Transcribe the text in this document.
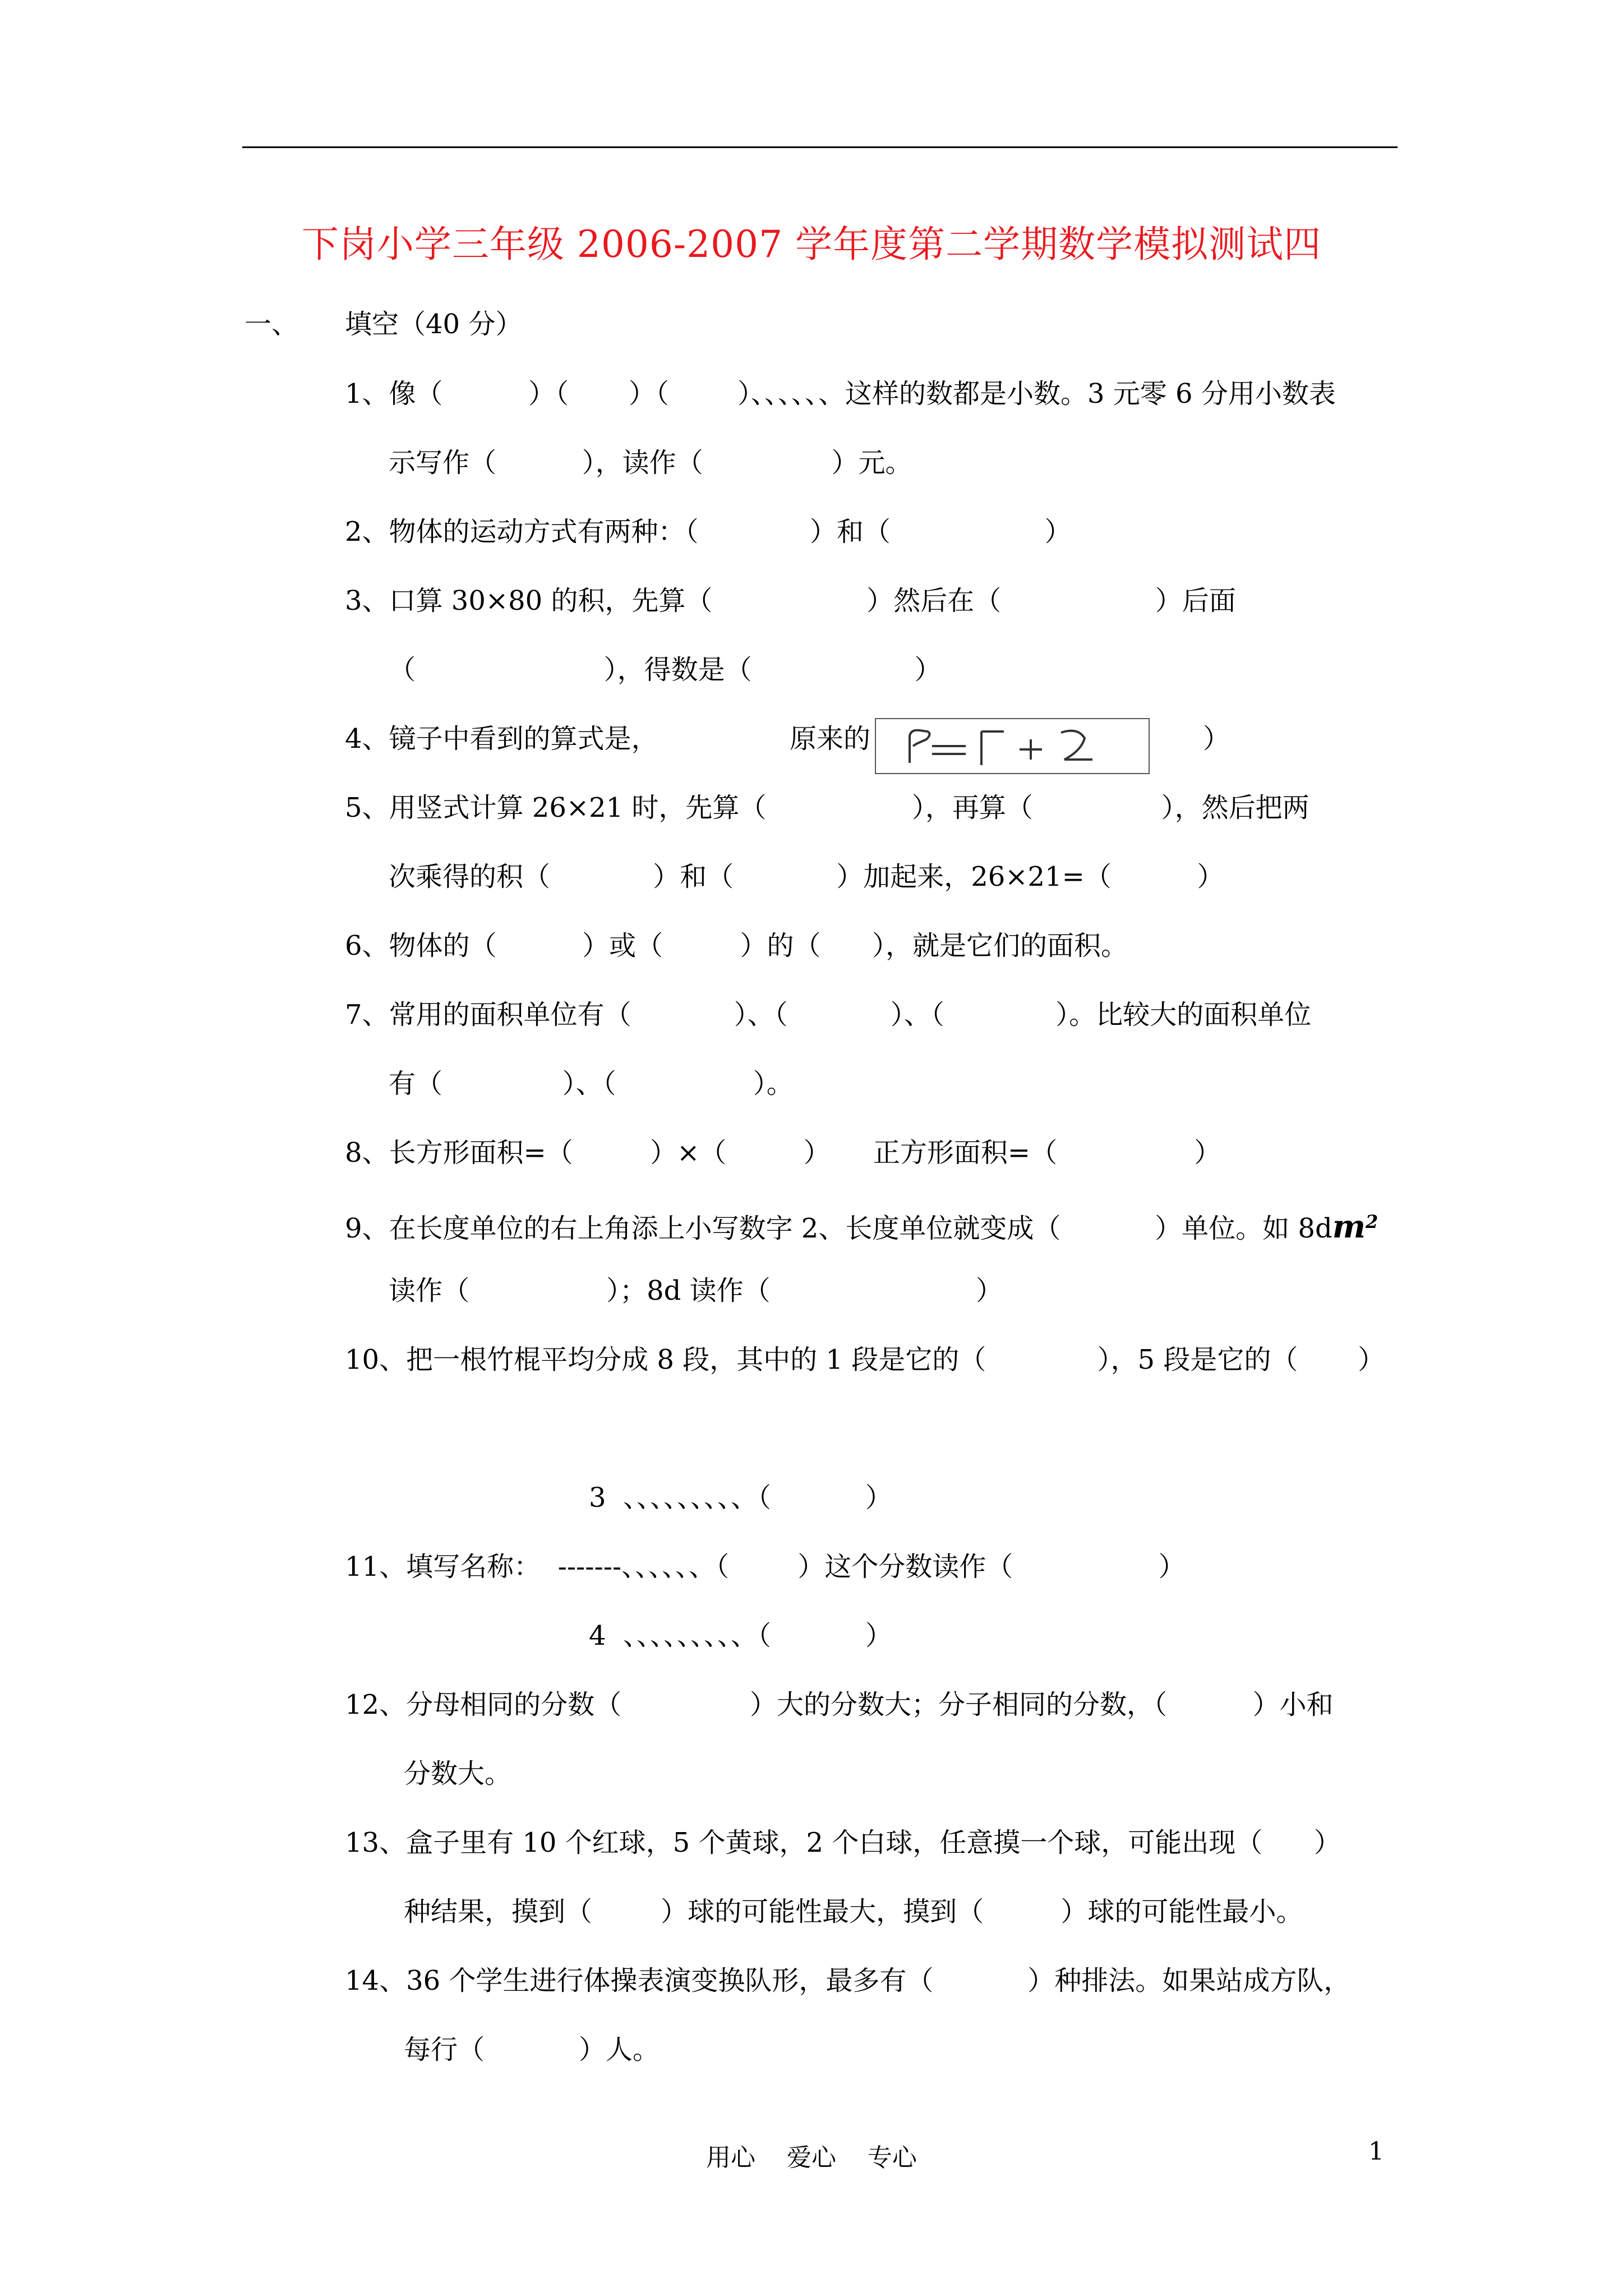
下岗小学三年级 2006-2007 学年度第二学期数学模拟测试四
一、 填空（40 分）
1、像（          ）（       ）（        ）、、、、、、这样的数都是小数。3 元零 6 分用小数表
示写作（          ），读作（               ）元。
2、物体的运动方式有两种：（             ）和（                  ）
3、口算 30×80 的积，先算（                  ）然后在（                  ）后面
（                      ），得数是（                   ）
4、镜子中看到的算式是，	原来的	）
5、用竖式计算 26×21 时，先算（                 ），再算（               ），然后把两
次乘得的积（            ）和（            ）加起来，26×21=（          ）
6、物体的（          ）或（         ）的（      ），就是它们的面积。
7、常用的面积单位有（            ）、（            ）、（             ）。比较大的面积单位
有（              ）、（                ）。
8、长方形面积=（         ）×（         ）     正方形面积=（                ）
9、在长度单位的右上角添上小写数字 2、长度单位就变成（           ）单位。如 $8dm^2$
读作（                ）；8d 读作（                        ）
10、把一根竹棍平均分成 8 段，其中的 1 段是它的（             ），5 段是它的（       ）
3  、、、、、、、、、（           ）
11、填写名称：  -------、、、、、、（        ）这个分数读作（                 ）
4  、、、、、、、、、（           ）
12、分母相同的分数（               ）大的分数大；分子相同的分数，（          ）小和
分数大。
13、盒子里有 10 个红球，5 个黄球，2 个白球，任意摸一个球，可能出现（      ）
种结果，摸到（        ）球的可能性最大，摸到（         ）球的可能性最小。
14、36 个学生进行体操表演变换队形，最多有（           ）种排法。如果站成方队，
每行（           ）人。
用心    爱心    专心	1
